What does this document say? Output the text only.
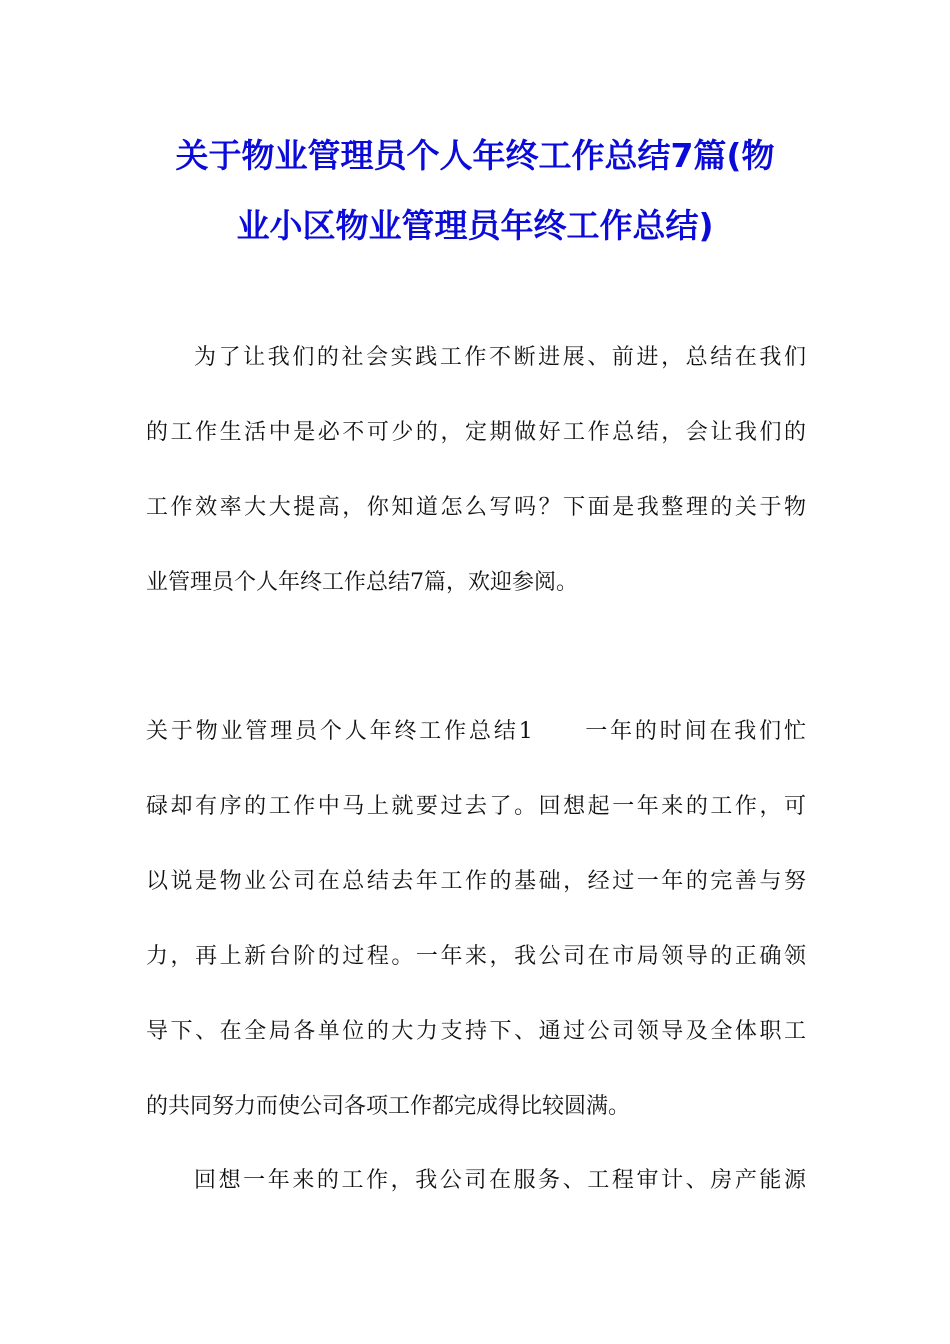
关于物业管理员个人年终工作总结7篇(物
业小区物业管理员年终工作总结)
为了让我们的社会实践工作不断进展、前进，总结在我们
的工作生活中是必不可少的，定期做好工作总结，会让我们的
工作效率大大提高，你知道怎么写吗？下面是我整理的关于物
业管理员个人年终工作总结7篇，欢迎参阅。
关于物业管理员个人年终工作总结1　　一年的时间在我们忙
碌却有序的工作中马上就要过去了。回想起一年来的工作，可
以说是物业公司在总结去年工作的基础，经过一年的完善与努
力，再上新台阶的过程。一年来，我公司在市局领导的正确领
导下、在全局各单位的大力支持下、通过公司领导及全体职工
的共同努力而使公司各项工作都完成得比较圆满。
回想一年来的工作，我公司在服务、工程审计、房产能源
